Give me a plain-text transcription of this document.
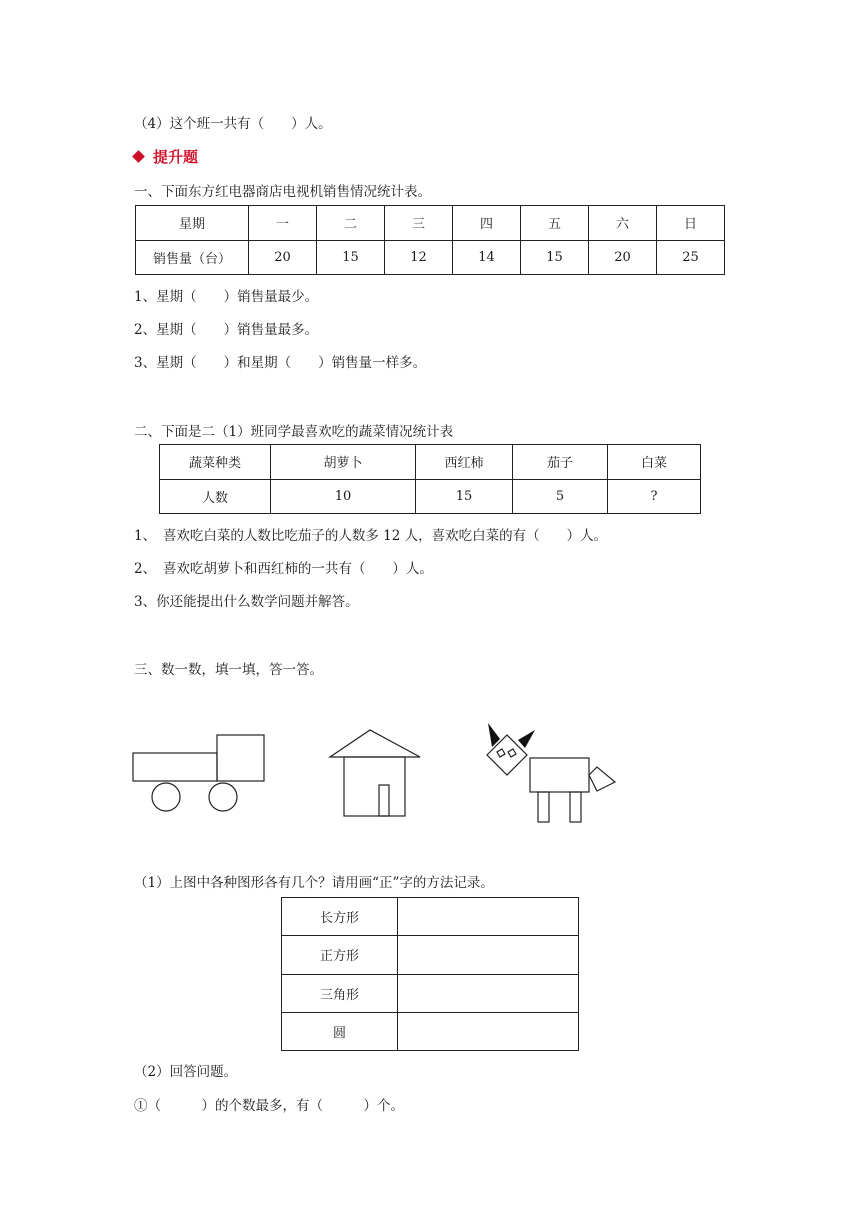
（4）这个班一共有（　　）人。
提升题
一、下面东方红电器商店电视机销售情况统计表。
星期	一	二	三	四	五	六	日
销售量（台）	20	15	12	14	15	20	25
1、星期（　　）销售量最少。
2、星期（　　）销售量最多。
3、星期（　　）和星期（　　）销售量一样多。
二、下面是二（1）班同学最喜欢吃的蔬菜情况统计表
蔬菜种类	胡萝卜	西红柿	茄子	白菜
人数	10	15	5	?
1、　喜欢吃白菜的人数比吃茄子的人数多 12 人，喜欢吃白菜的有（　　）人。
2、　喜欢吃胡萝卜和西红柿的一共有（　　）人。
3、你还能提出什么数学问题并解答。
三、数一数，填一填，答一答。
（1）上图中各种图形各有几个？请用画“正”字的方法记录。
长方形	
正方形	
三角形	
圆	
（2）回答问题。
①（　　　）的个数最多，有（　　　）个。
